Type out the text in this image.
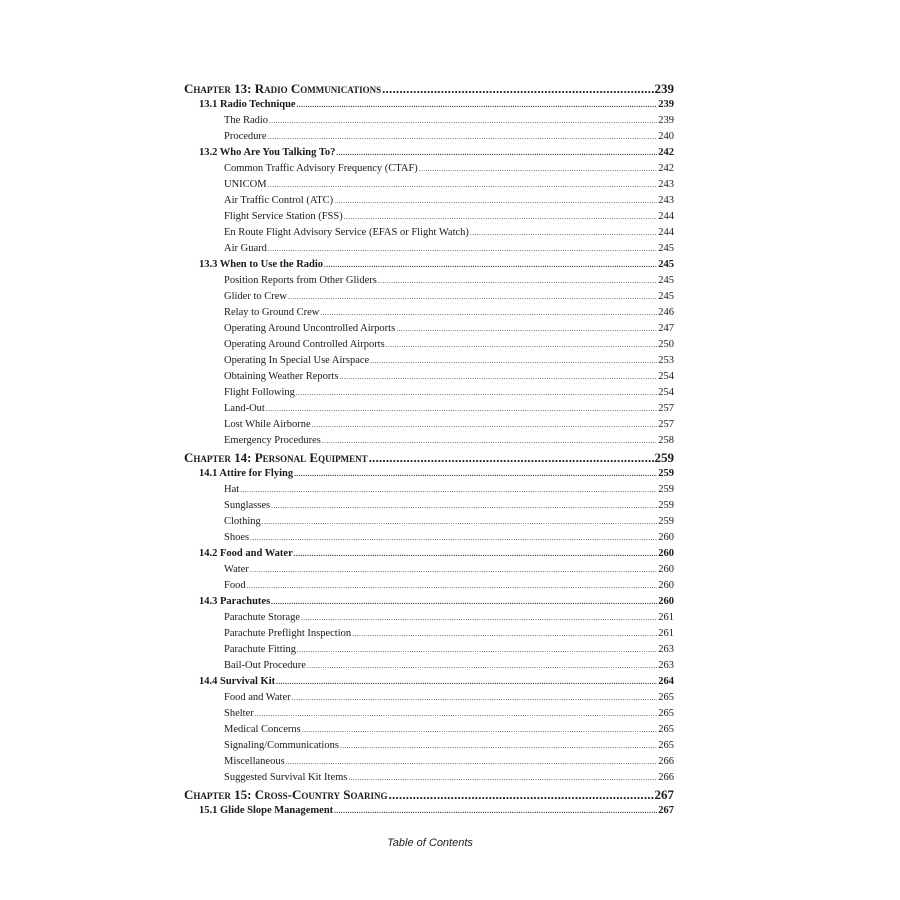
Chapter 13: Radio Communications .....	239
13.1 Radio Technique .....	239
The Radio .....	239
Procedure .....	240
13.2 Who Are You Talking To? .....	242
Common Traffic Advisory Frequency (CTAF) .....	242
UNICOM .....	243
Air Traffic Control (ATC) .....	243
Flight Service Station (FSS) .....	244
En Route Flight Advisory Service (EFAS or Flight Watch) .....	244
Air Guard .....	245
13.3 When to Use the Radio .....	245
Position Reports from Other Gliders .....	245
Glider to Crew .....	245
Relay to Ground Crew .....	246
Operating Around Uncontrolled Airports .....	247
Operating Around Controlled Airports .....	250
Operating In Special Use Airspace .....	253
Obtaining Weather Reports .....	254
Flight Following .....	254
Land-Out .....	257
Lost While Airborne .....	257
Emergency Procedures .....	258
Chapter 14: Personal Equipment .....	259
14.1 Attire for Flying .....	259
Hat .....	259
Sunglasses .....	259
Clothing .....	259
Shoes .....	260
14.2 Food and Water .....	260
Water .....	260
Food .....	260
14.3 Parachutes .....	260
Parachute Storage .....	261
Parachute Preflight Inspection .....	261
Parachute Fitting .....	263
Bail-Out Procedure .....	263
14.4 Survival Kit .....	264
Food and Water .....	265
Shelter .....	265
Medical Concerns .....	265
Signaling/Communications .....	265
Miscellaneous .....	266
Suggested Survival Kit Items .....	266
Chapter 15: Cross-Country Soaring .....	267
15.1 Glide Slope Management .....	267
Table of Contents
